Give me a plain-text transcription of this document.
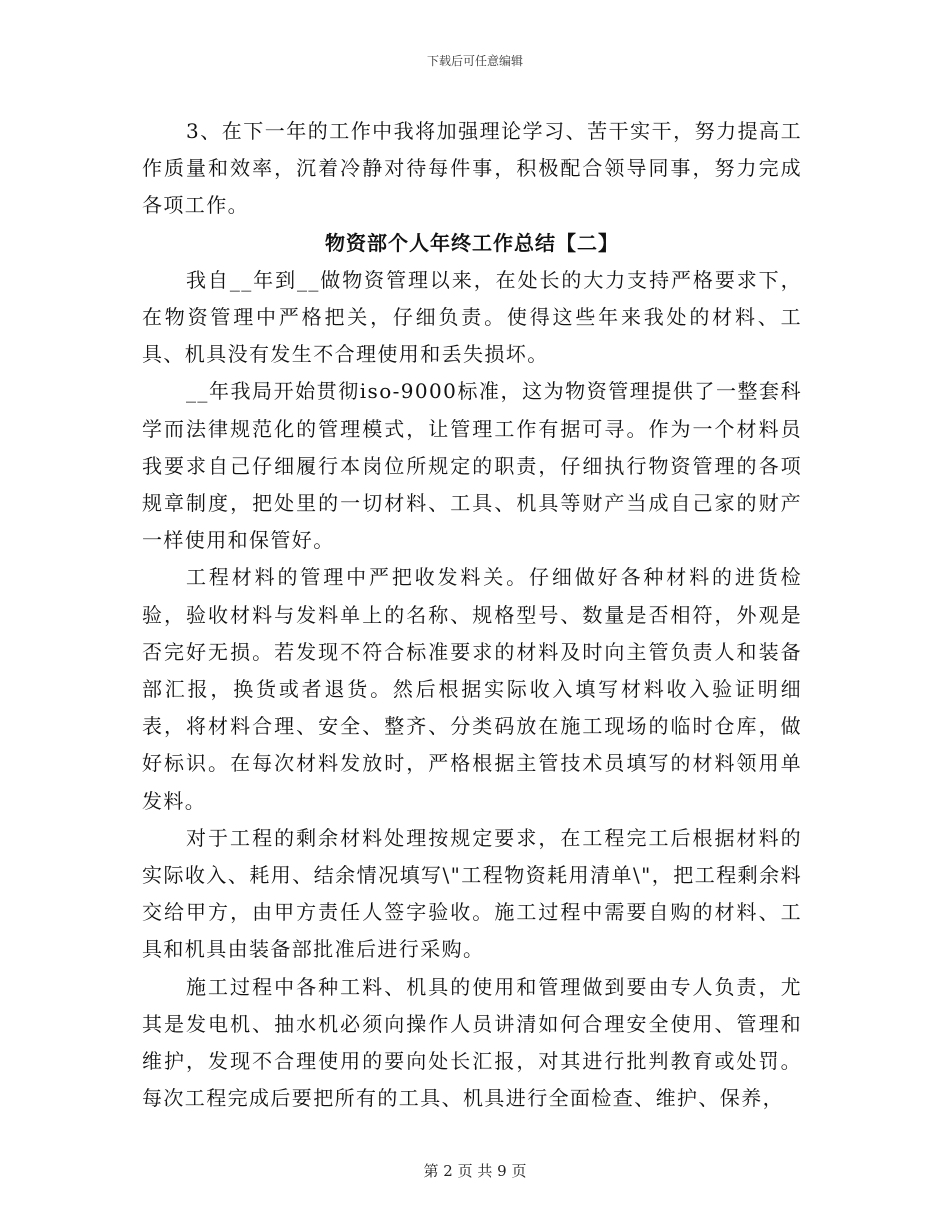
下载后可任意编辑

3、在下一年的工作中我将加强理论学习、苦干实干，努力提高工作质量和效率，沉着冷静对待每件事，积极配合领导同事，努力完成各项工作。

物资部个人年终工作总结【二】

我自__年到__做物资管理以来，在处长的大力支持严格要求下，在物资管理中严格把关，仔细负责。使得这些年来我处的材料、工具、机具没有发生不合理使用和丢失损坏。

__年我局开始贯彻iso-9000标准，这为物资管理提供了一整套科学而法律规范化的管理模式，让管理工作有据可寻。作为一个材料员我要求自己仔细履行本岗位所规定的职责，仔细执行物资管理的各项规章制度，把处里的一切材料、工具、机具等财产当成自己家的财产一样使用和保管好。

工程材料的管理中严把收发料关。仔细做好各种材料的进货检验，验收材料与发料单上的名称、规格型号、数量是否相符，外观是否完好无损。若发现不符合标准要求的材料及时向主管负责人和装备部汇报，换货或者退货。然后根据实际收入填写材料收入验证明细表，将材料合理、安全、整齐、分类码放在施工现场的临时仓库，做好标识。在每次材料发放时，严格根据主管技术员填写的材料领用单发料。

对于工程的剩余材料处理按规定要求，在工程完工后根据材料的实际收入、耗用、结余情况填写\"工程物资耗用清单\"，把工程剩余料交给甲方，由甲方责任人签字验收。施工过程中需要自购的材料、工具和机具由装备部批准后进行采购。

施工过程中各种工料、机具的使用和管理做到要由专人负责，尤其是发电机、抽水机必须向操作人员讲清如何合理安全使用、管理和维护，发现不合理使用的要向处长汇报，对其进行批判教育或处罚。每次工程完成后要把所有的工具、机具进行全面检查、维护、保养，

第 2 页 共 9 页
